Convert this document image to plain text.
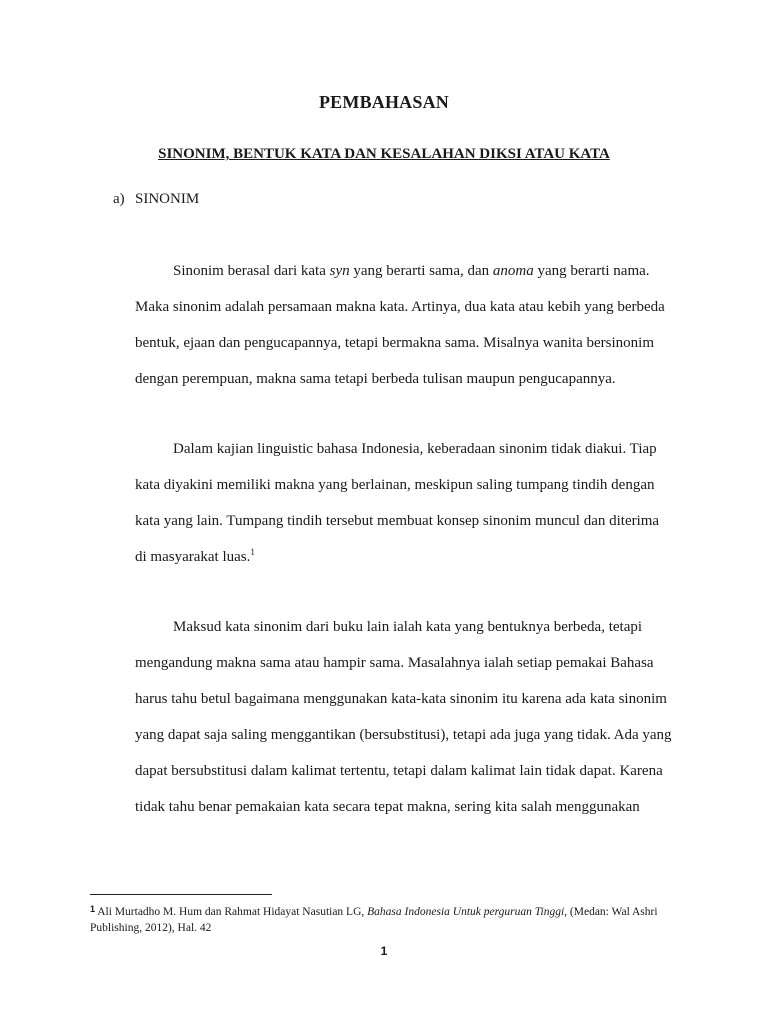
PEMBAHASAN
SINONIM, BENTUK KATA DAN KESALAHAN DIKSI ATAU KATA
a) SINONIM
Sinonim berasal dari kata syn yang berarti sama, dan anoma yang berarti nama.
Maka sinonim adalah persamaan makna kata. Artinya, dua kata atau kebih yang berbeda
bentuk, ejaan dan pengucapannya, tetapi bermakna sama. Misalnya wanita bersinonim
dengan perempuan, makna sama tetapi berbeda tulisan maupun pengucapannya.
Dalam kajian linguistic bahasa Indonesia, keberadaan sinonim tidak diakui. Tiap
kata diyakini memiliki makna yang berlainan, meskipun saling tumpang tindih dengan
kata yang lain. Tumpang tindih tersebut membuat konsep sinonim muncul dan diterima
di masyarakat luas.$^1$
Maksud kata sinonim dari buku lain ialah kata yang bentuknya berbeda, tetapi
mengandung makna sama atau hampir sama. Masalahnya ialah setiap pemakai Bahasa
harus tahu betul bagaimana menggunakan kata-kata sinonim itu karena ada kata sinonim
yang dapat saja saling menggantikan (bersubstitusi), tetapi ada juga yang tidak. Ada yang
dapat bersubstitusi dalam kalimat tertentu, tetapi dalam kalimat lain tidak dapat. Karena
tidak tahu benar pemakaian kata secara tepat makna, sering kita salah menggunakan
$^1$ Ali Murtadho M. Hum dan Rahmat Hidayat Nasutian LG, Bahasa Indonesia Untuk perguruan Tinggi, (Medan: Wal Ashri
Publishing, 2012), Hal. 42
1
